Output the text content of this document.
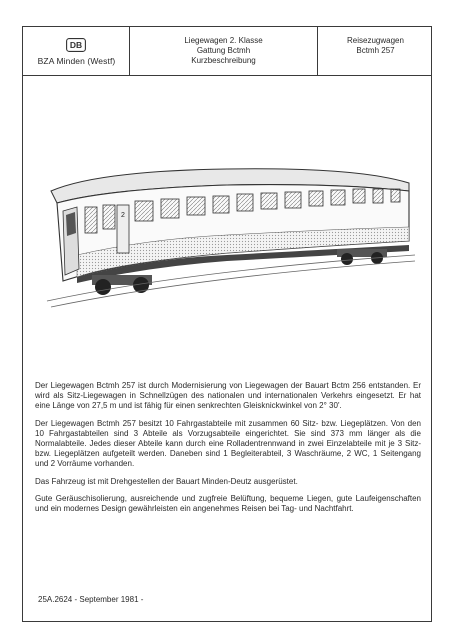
DB
BZA Minden (Westf)
Liegewagen 2. Klasse
Gattung Bctmh
Kurzbeschreibung
Reisezugwagen
Bctmh 257
2

Der Liegewagen Bctmh 257 ist durch Modernisierung von Liegewagen der Bauart Bctm 256 entstanden. Er wird als Sitz-Liegewagen in Schnellzügen des nationalen und internationalen Verkehrs eingesetzt. Er hat eine Länge von 27,5 m und ist fähig für einen senkrechten Gleisknickwinkel von 2° 30'.

Der Liegewagen Bctmh 257 besitzt 10 Fahrgastabteile mit zusammen 60 Sitz- bzw. Liegeplätzen. Von den 10 Fahrgastabteilen sind 3 Abteile als Vorzugsabteile eingerichtet. Sie sind 373 mm länger als die Normalabteile. Jedes dieser Abteile kann durch eine Rolladentrennwand in zwei Einzelabteile mit je 3 Sitz- bzw. Liegeplätzen aufgeteilt werden. Daneben sind 1 Begleiterabteil, 3 Waschräume, 2 WC, 1 Seitengang und 2 Vorräume vorhanden.

Das Fahrzeug ist mit Drehgestellen der Bauart Minden-Deutz ausgerüstet.

Gute Geräuschisolierung, ausreichende und zugfreie Belüftung, bequeme Liegen, gute Laufeigenschaften und ein modernes Design gewährleisten ein angenehmes Reisen bei Tag- und Nachtfahrt.

25A.2624 - September 1981 -
